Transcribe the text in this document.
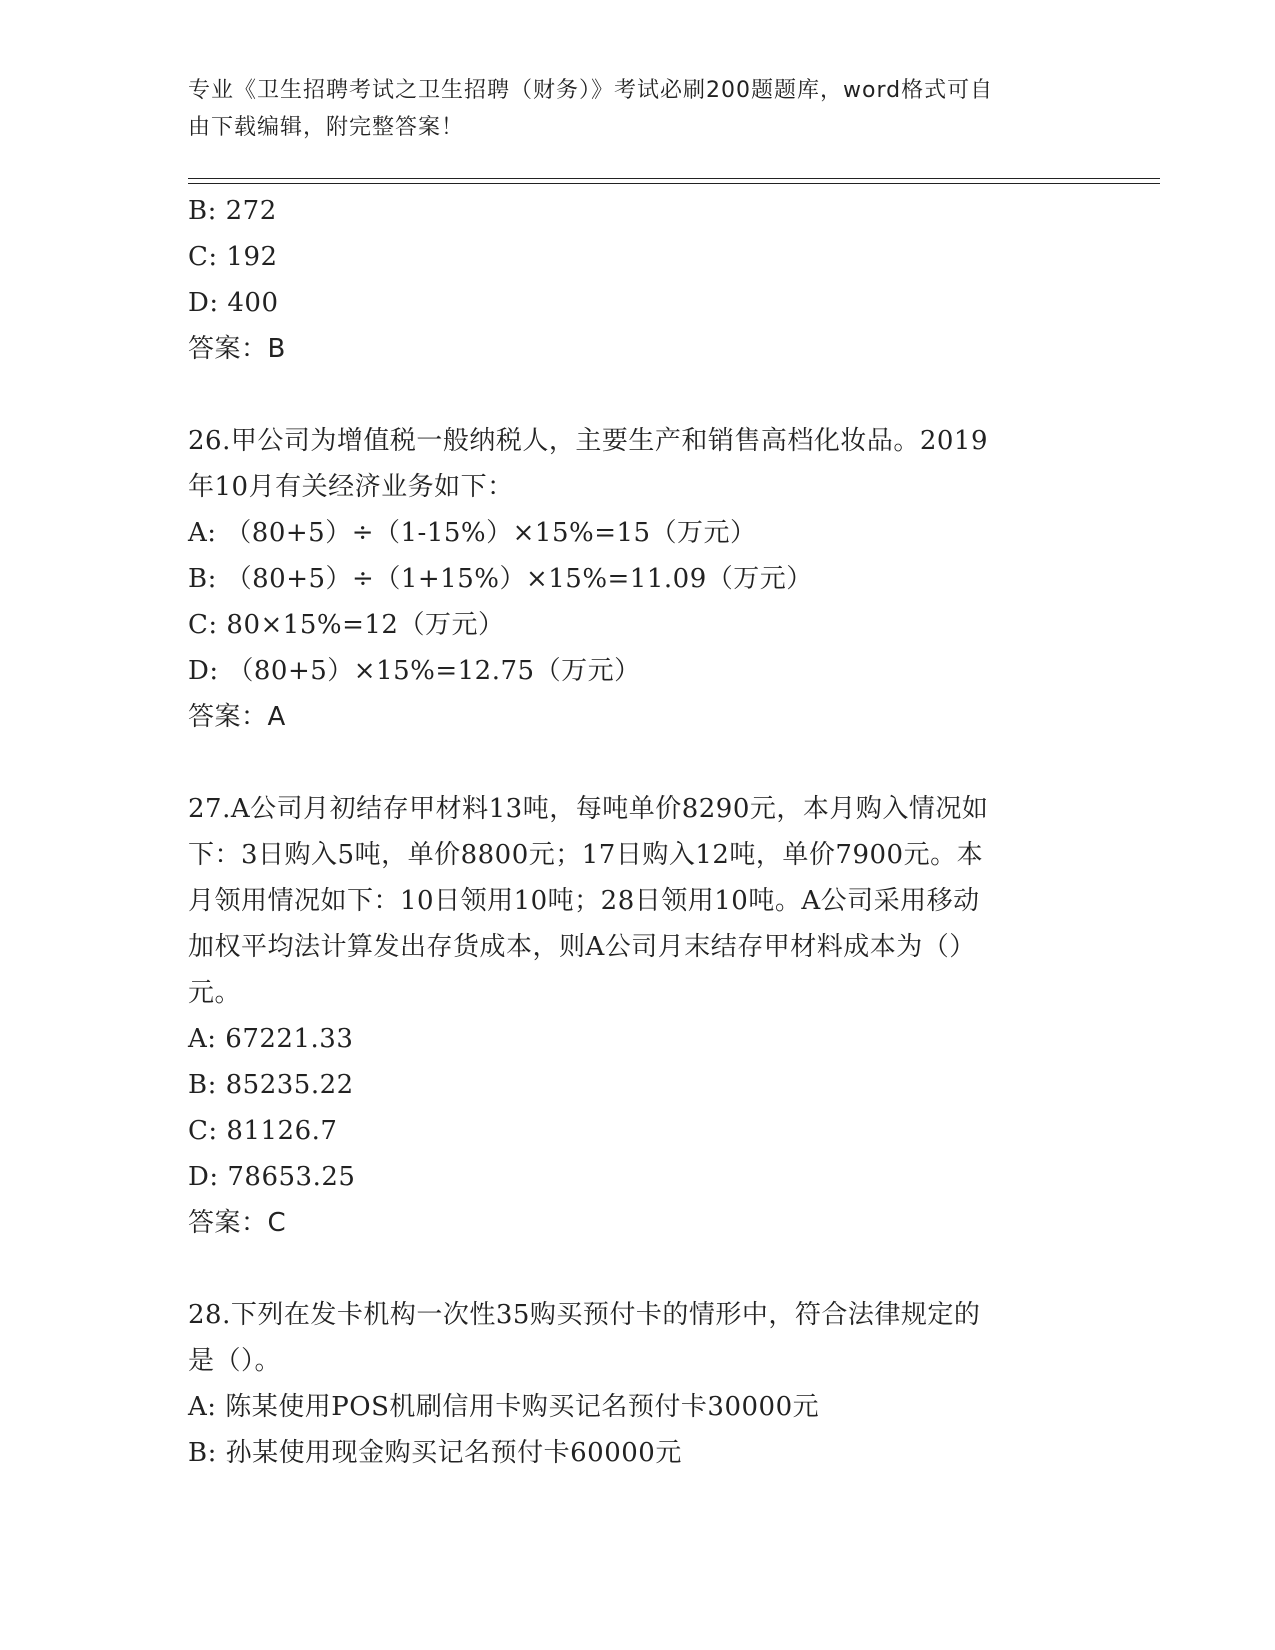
专业《卫生招聘考试之卫生招聘（财务）》考试必刷200题题库，word格式可自
由下载编辑，附完整答案！
B: 272
C: 192
D: 400
答案：B
26.甲公司为增值税一般纳税人，主要生产和销售高档化妆品。2019
年10月有关经济业务如下：
A: （80+5）÷（1-15%）×15%=15（万元）
B: （80+5）÷（1+15%）×15%=11.09（万元）
C: 80×15%=12（万元）
D: （80+5）×15%=12.75（万元）
答案：A
27.A公司月初结存甲材料13吨，每吨单价8290元，本月购入情况如
下：3日购入5吨，单价8800元；17日购入12吨，单价7900元。本
月领用情况如下：10日领用10吨；28日领用10吨。A公司采用移动
加权平均法计算发出存货成本，则A公司月末结存甲材料成本为（）
元。
A: 67221.33
B: 85235.22
C: 81126.7
D: 78653.25
答案：C
28.下列在发卡机构一次性35购买预付卡的情形中，符合法律规定的
是（）。
A: 陈某使用POS机刷信用卡购买记名预付卡30000元
B: 孙某使用现金购买记名预付卡60000元
